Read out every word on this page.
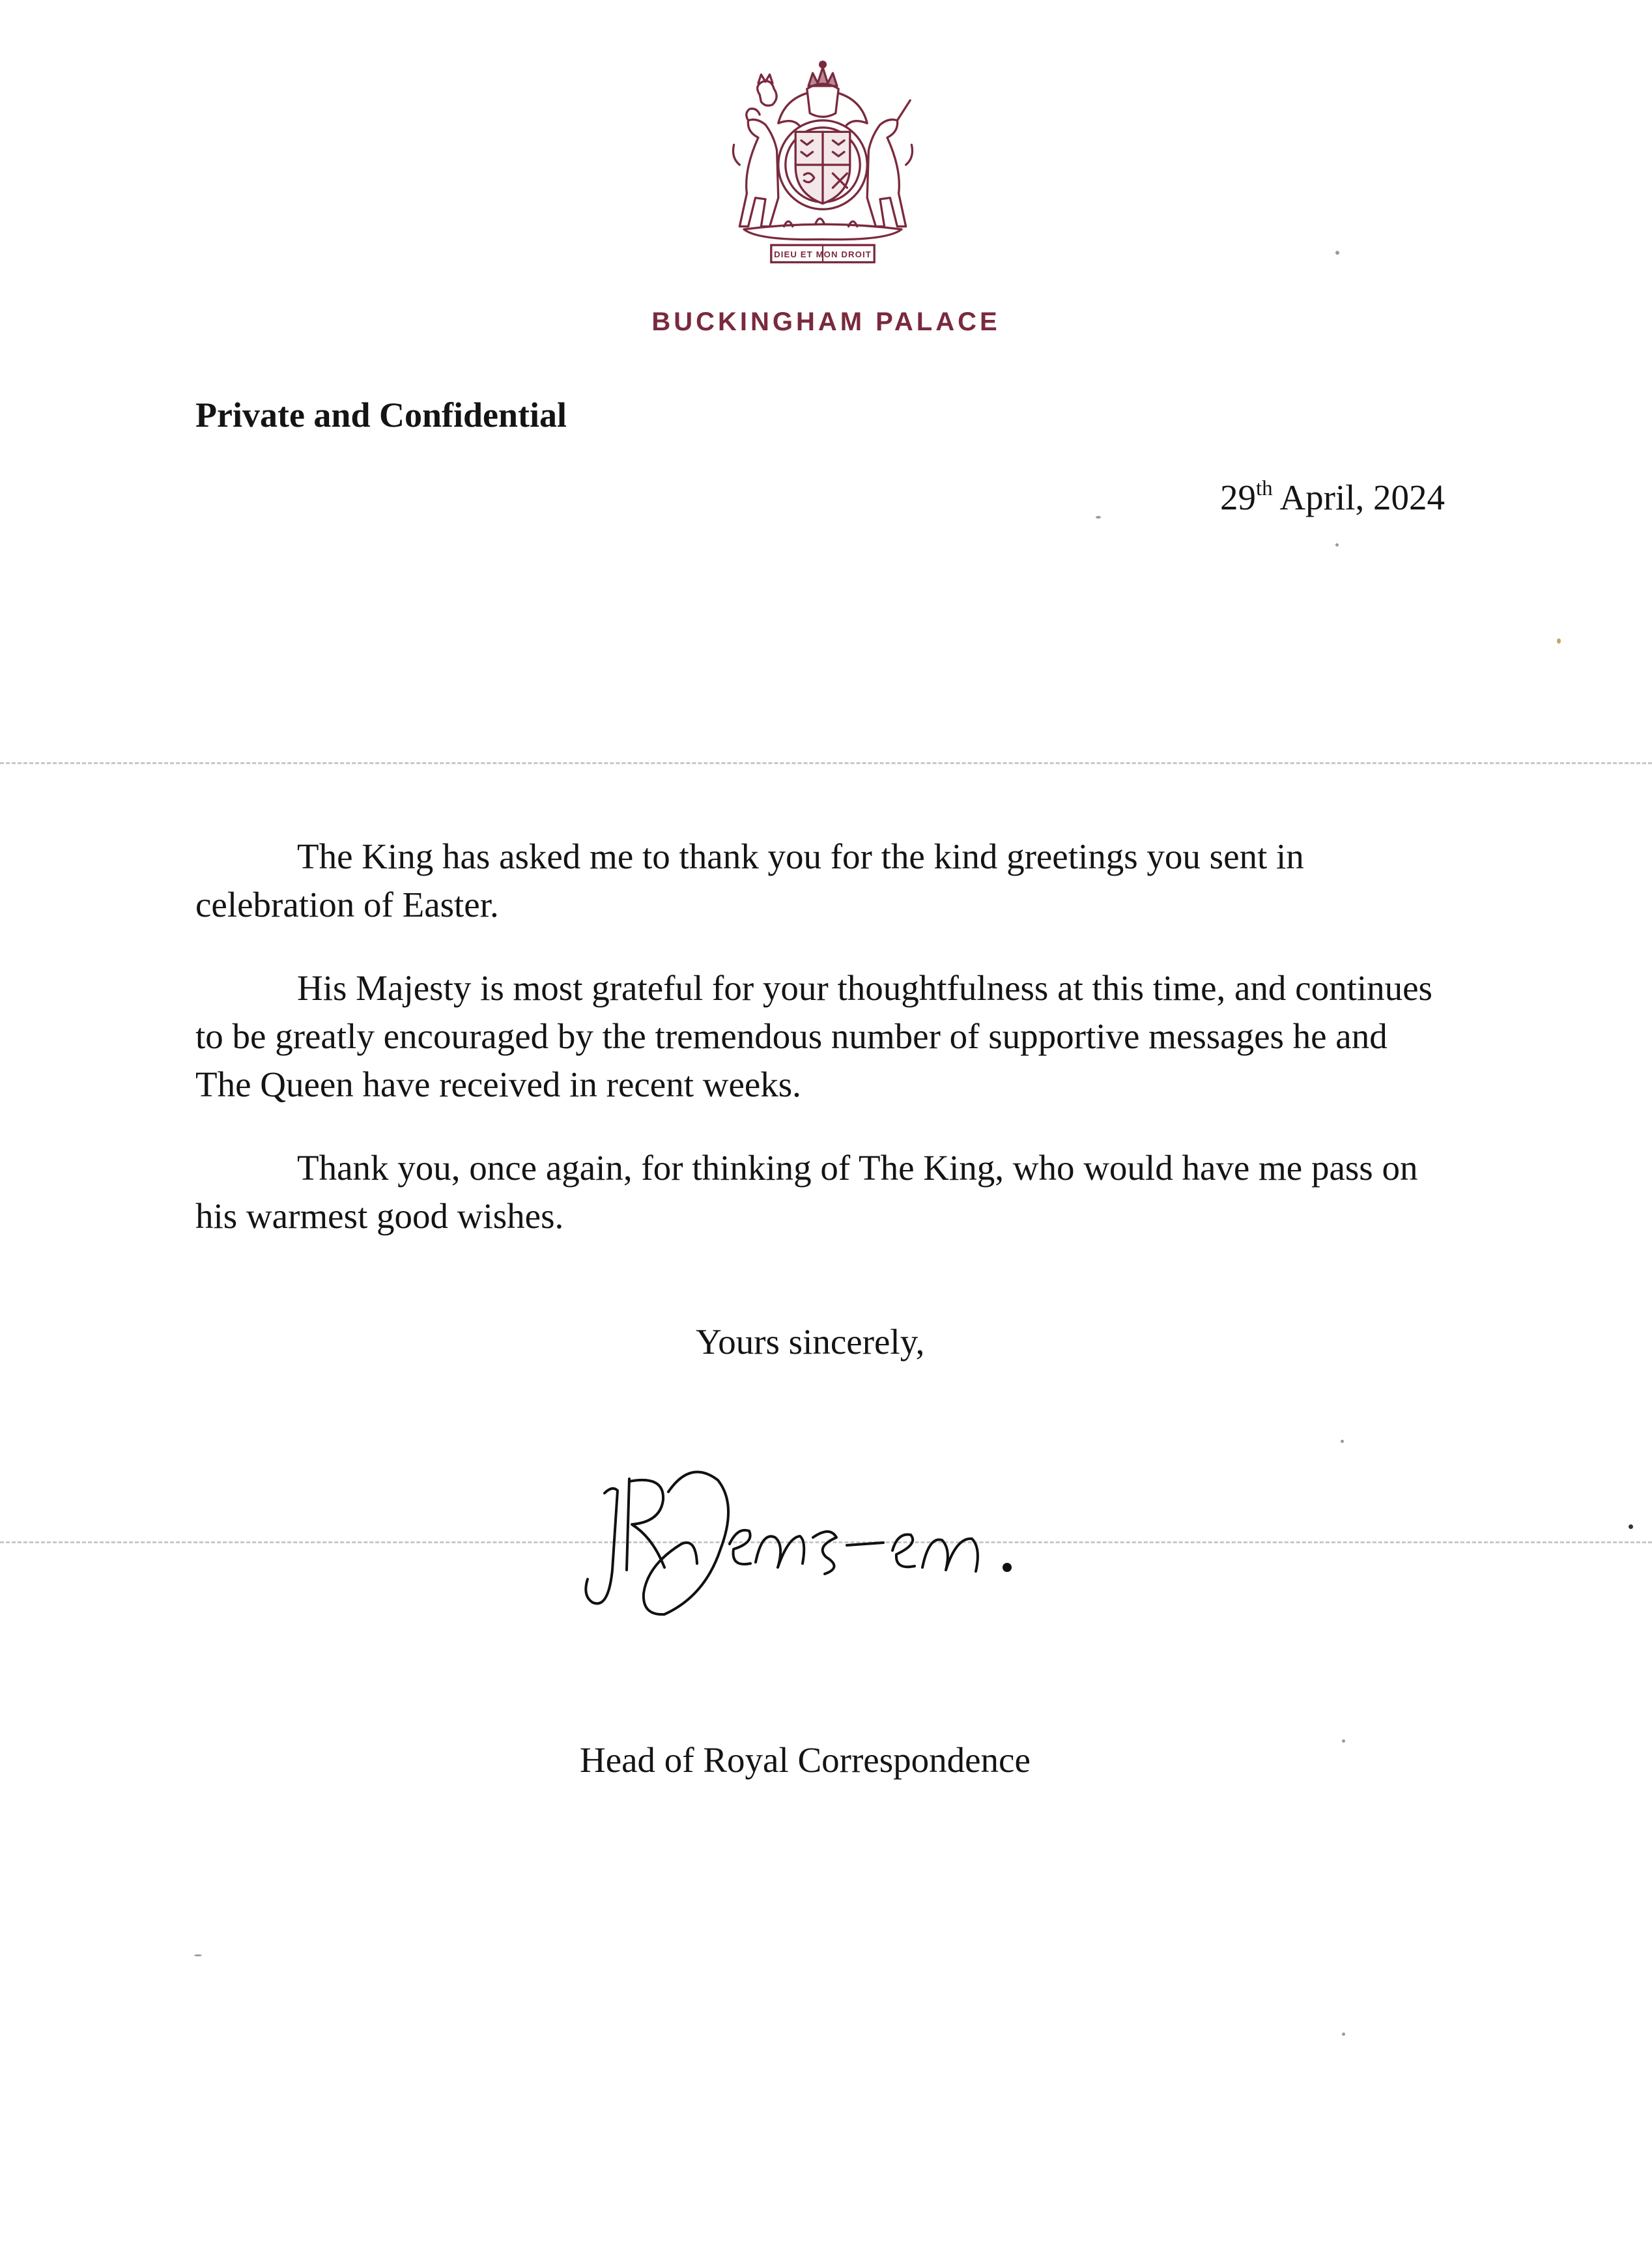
DIEU ET MON DROIT
BUCKINGHAM PALACE
Private and Confidential
29th April, 2024

The King has asked me to thank you for the kind greetings you sent in celebration of Easter.

His Majesty is most grateful for your thoughtfulness at this time, and continues to be greatly encouraged by the tremendous number of supportive messages he and The Queen have received in recent weeks.

Thank you, once again, for thinking of The King, who would have me pass on his warmest good wishes.

Yours sincerely,
Head of Royal Correspondence
